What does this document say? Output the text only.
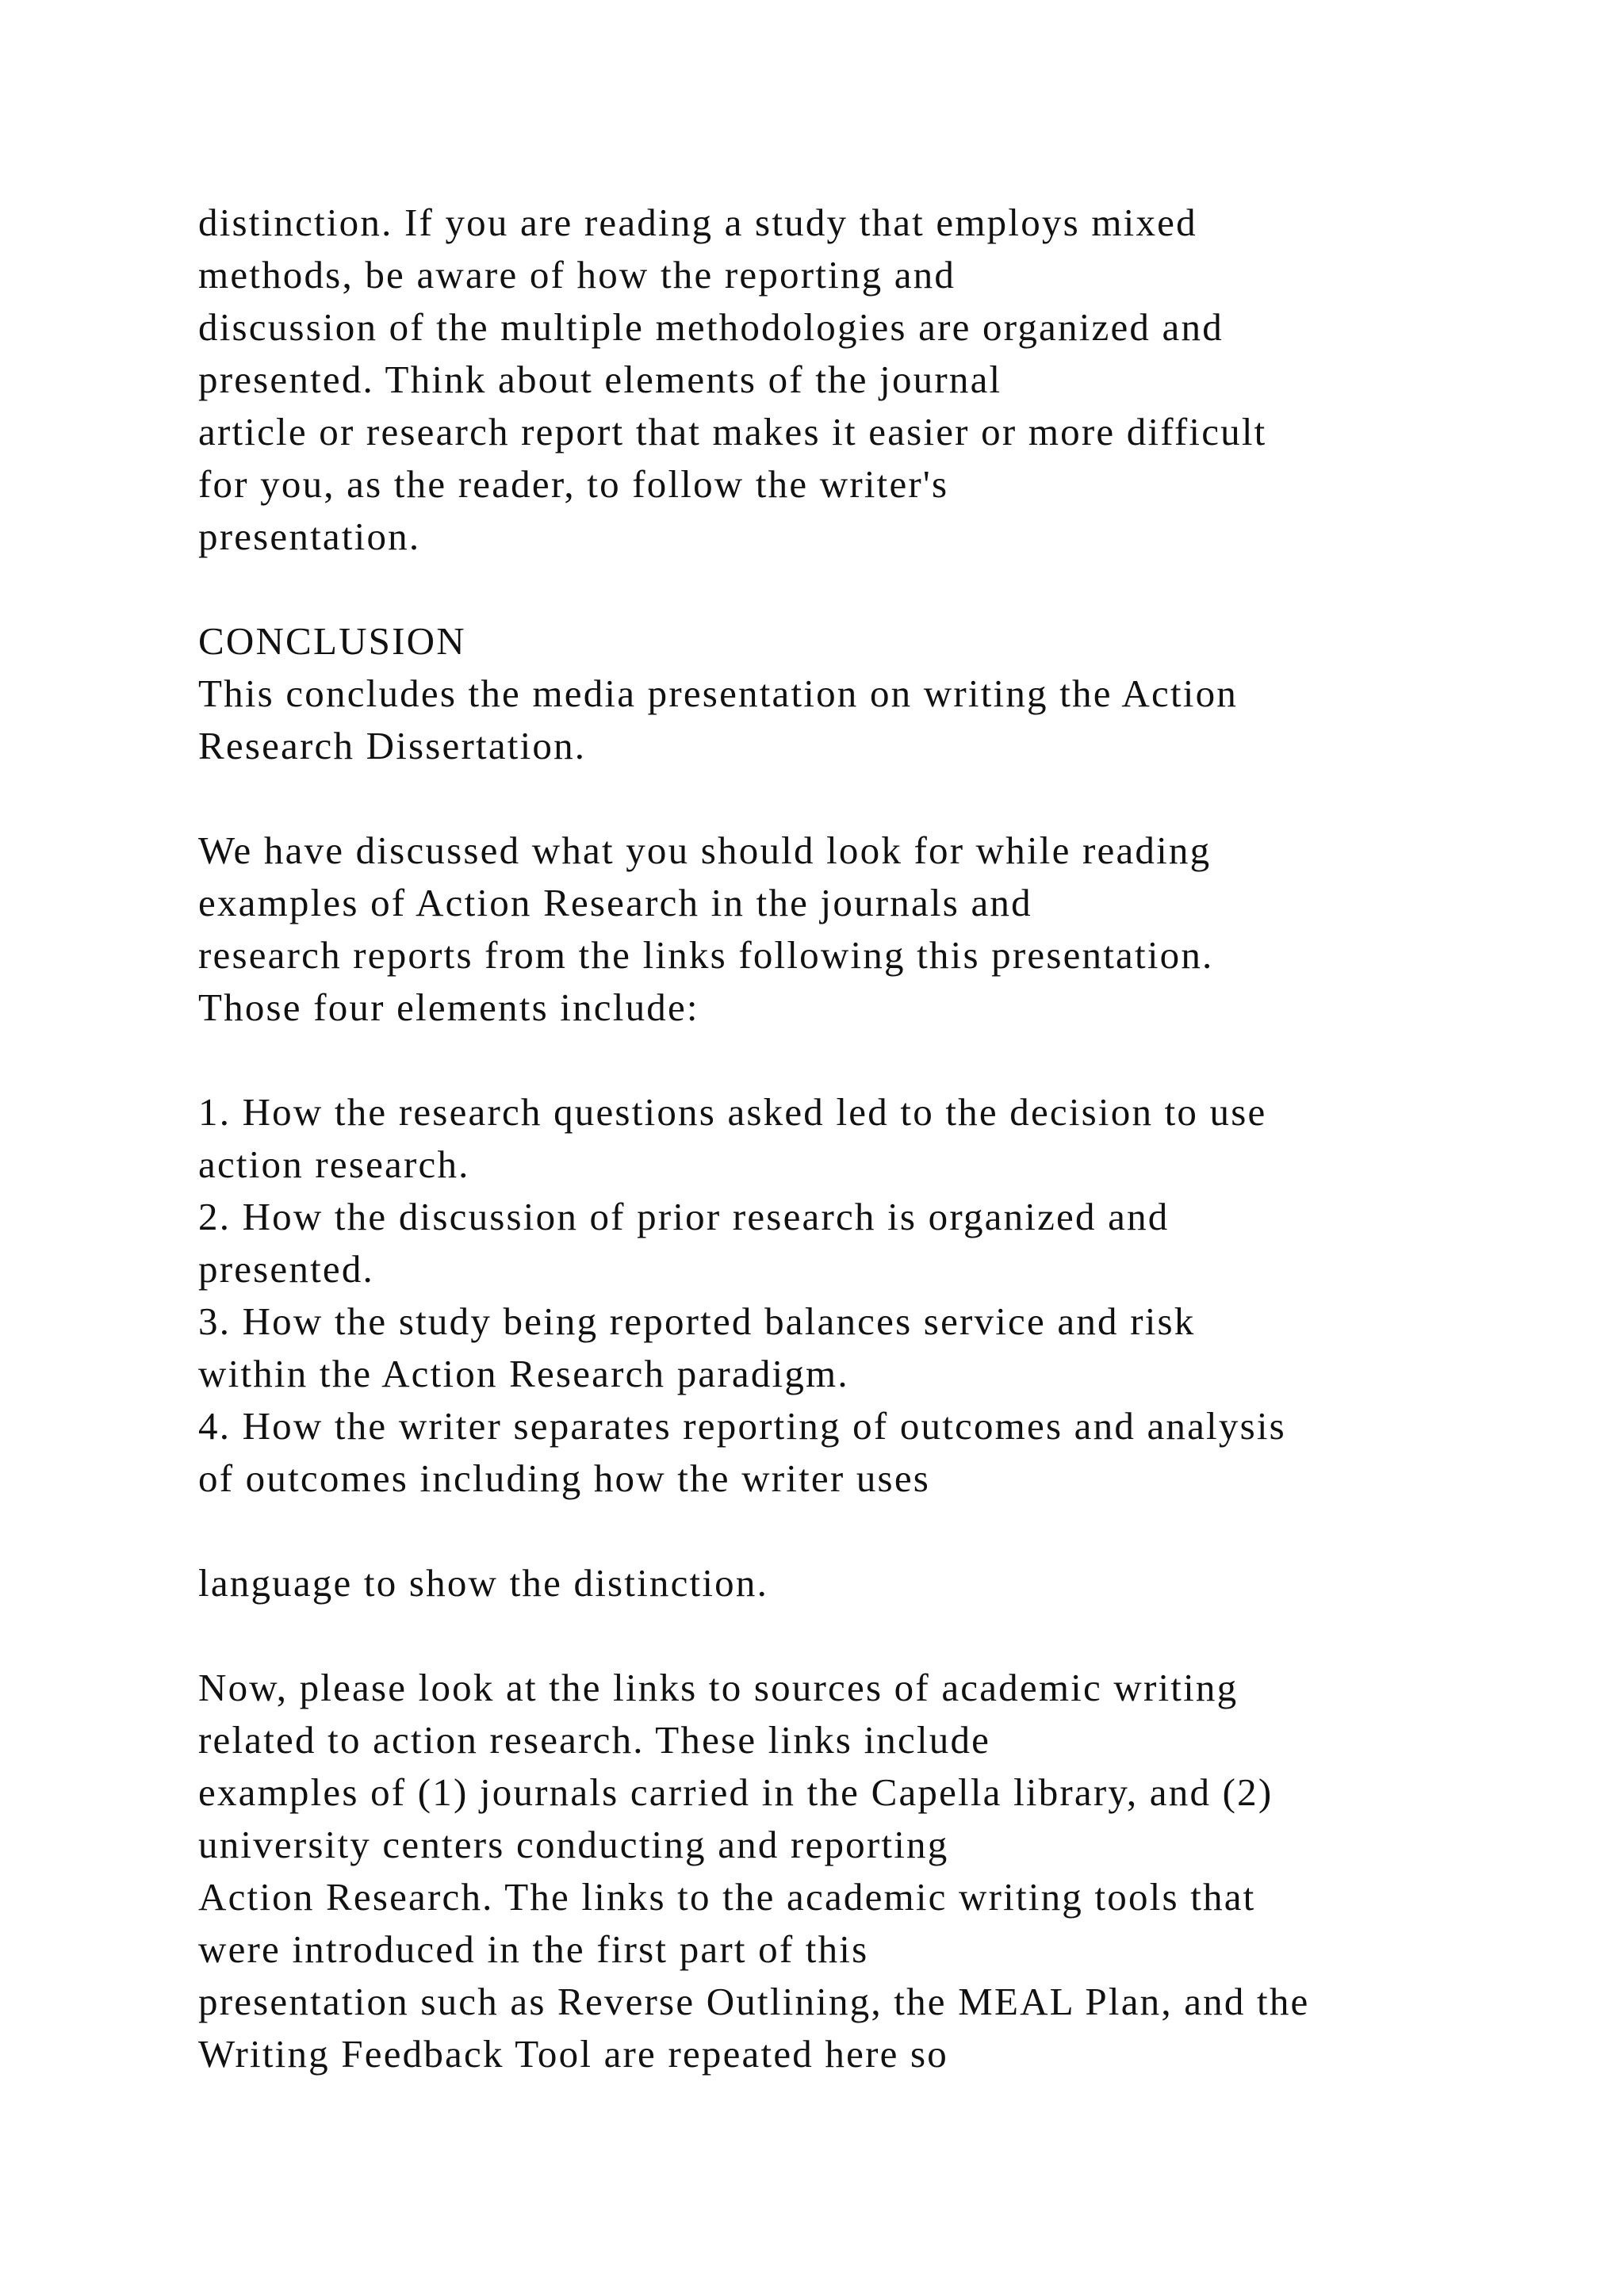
distinction. If you are reading a study that employs mixed
methods, be aware of how the reporting and
discussion of the multiple methodologies are organized and
presented. Think about elements of the journal
article or research report that makes it easier or more difficult
for you, as the reader, to follow the writer's
presentation.
CONCLUSION
This concludes the media presentation on writing the Action
Research Dissertation.
We have discussed what you should look for while reading
examples of Action Research in the journals and
research reports from the links following this presentation.
Those four elements include:
1. How the research questions asked led to the decision to use
action research.
2. How the discussion of prior research is organized and
presented.
3. How the study being reported balances service and risk
within the Action Research paradigm.
4. How the writer separates reporting of outcomes and analysis
of outcomes including how the writer uses
language to show the distinction.
Now, please look at the links to sources of academic writing
related to action research. These links include
examples of (1) journals carried in the Capella library, and (2)
university centers conducting and reporting
Action Research. The links to the academic writing tools that
were introduced in the first part of this
presentation such as Reverse Outlining, the MEAL Plan, and the
Writing Feedback Tool are repeated here so
